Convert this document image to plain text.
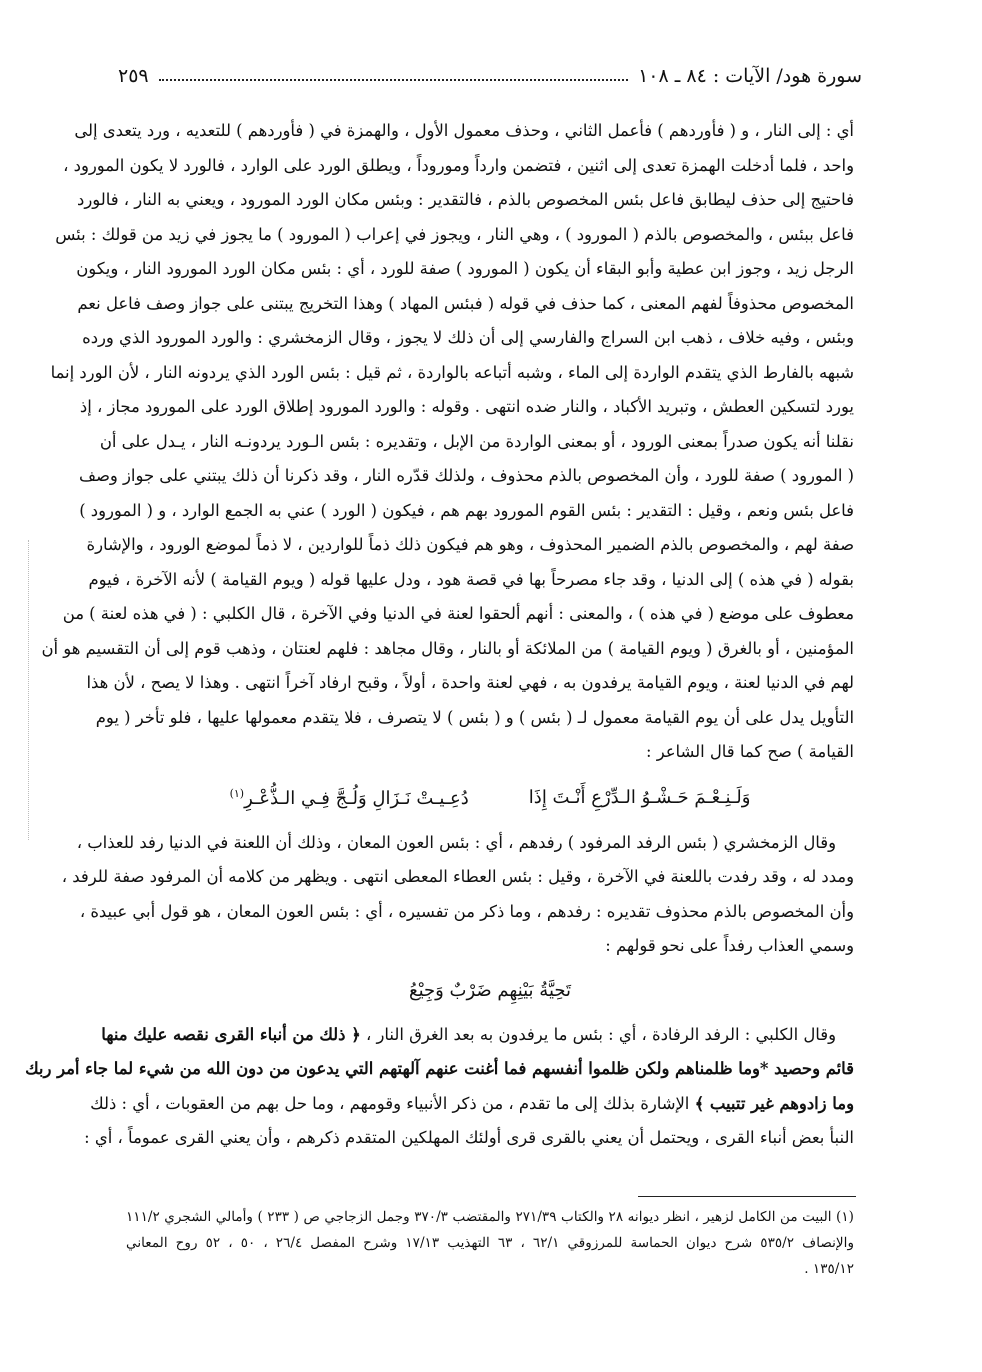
سورة هود/ الآيات : ٨٤ ـ ١٠٨
٢٥٩
أي : إلى النار ، و ( فأوردهم ) فأعمل الثاني ، وحذف معمول الأول ، والهمزة في ( فأوردهم ) للتعديه ، ورد يتعدى إلى
واحد ، فلما أدخلت الهمزة تعدى إلى اثنين ، فتضمن وارداً وموروداً ، ويطلق الورد على الوارد ، فالورد لا يكون المورود ،
فاحتيج إلى حذف ليطابق فاعل بئس المخصوص بالذم ، فالتقدير : وبئس مكان الورد المورود ، ويعني به النار ، فالورد
فاعل ببئس ، والمخصوص بالذم ( المورود ) ، وهي النار ، ويجوز في إعراب ( المورود ) ما يجوز في زيد من قولك : بئس
الرجل زيد ، وجوز ابن عطية وأبو البقاء أن يكون ( المورود ) صفة للورد ، أي : بئس مكان الورد المورود النار ، ويكون
المخصوص محذوفاً لفهم المعنى ، كما حذف في قوله ( فبئس المهاد ) وهذا التخريج يبتنى على جواز وصف فاعل نعم
وبئس ، وفيه خلاف ، ذهب ابن السراج والفارسي إلى أن ذلك لا يجوز ، وقال الزمخشري : والورد المورود الذي ورده
شبهه بالفارط الذي يتقدم الواردة إلى الماء ، وشبه أتباعه بالواردة ، ثم قيل : بئس الورد الذي يردونه النار ، لأن الورد إنما
يورد لتسكين العطش ، وتبريد الأكباد ، والنار ضده انتهى . وقوله : والورد المورود إطلاق الورد على المورود مجاز ، إذ
نقلنا أنه يكون صدراً بمعنى الورود ، أو بمعنى الواردة من الإبل ، وتقديره : بئس الـورد يردونـه النار ، يـدل على أن
( المورود ) صفة للورد ، وأن المخصوص بالذم محذوف ، ولذلك قدّره النار ، وقد ذكرنا أن ذلك يبتني على جواز وصف
فاعل بئس ونعم ، وقيل : التقدير : بئس القوم المورود بهم هم ، فيكون ( الورد ) عني به الجمع الوارد ، و ( المورود )
صفة لهم ، والمخصوص بالذم الضمير المحذوف ، وهو هم فيكون ذلك ذماً للواردين ، لا ذماً لموضع الورود ، والإشارة
بقوله ( في هذه ) إلى الدنيا ، وقد جاء مصرحاً بها في قصة هود ، ودل عليها قوله ( ويوم القيامة ) لأنه الآخرة ، فيوم
معطوف على موضع ( في هذه ) ، والمعنى : أنهم ألحقوا لعنة في الدنيا وفي الآخرة ، قال الكلبي : ( في هذه لعنة ) من
المؤمنين ، أو بالغرق ( ويوم القيامة ) من الملائكة أو بالنار ، وقال مجاهد : فلهم لعنتان ، وذهب قوم إلى أن التقسيم هو أن
لهم في الدنيا لعنة ، ويوم القيامة يرفدون به ، فهي لعنة واحدة ، أولاً ، وقبح ارفاد آخراً انتهى . وهذا لا يصح ، لأن هذا
التأويل يدل على أن يوم القيامة معمول لـ ( بئس ) و ( بئس ) لا يتصرف ، فلا يتقدم معمولها عليها ، فلو تأخر ( يوم
القيامة ) صح كما قال الشاعر :
وَلَـنِـعْـمَ حَـشْـوُ الـدِّرْعِ أَنْـتَ إِذَا
دُعِـيـتْ نَـزَالِ وَلُـجَّ فِـي الـذُّعْـرِ$^{(١)}$
وقال الزمخشري ( بئس الرفد المرفود ) رفدهم ، أي : بئس العون المعان ، وذلك أن اللعنة في الدنيا رفد للعذاب ،
ومدد له ، وقد رفدت باللعنة في الآخرة ، وقيل : بئس العطاء المعطى انتهى . ويظهر من كلامه أن المرفود صفة للرفد ،
وأن المخصوص بالذم محذوف تقديره : رفدهم ، وما ذكر من تفسيره ، أي : بئس العون المعان ، هو قول أبي عبيدة ،
وسمي العذاب رفداً على نحو قولهم :
تَحِيَّةُ بَيْنِهِم ضَرْبٌ وَجِيْعُ
وقال الكلبي : الرفد الرفادة ، أي : بئس ما يرفدون به بعد الغرق النار ، ﴿ ذلك من أنباء القرى نقصه عليك منها
قائم وحصيد *وما ظلمناهم ولكن ظلموا أنفسهم فما أغنت عنهم آلهتهم التي يدعون من دون الله من شيء لما جاء أمر ربك
وما زادوهم غير تتبيب ﴾ الإشارة بذلك إلى ما تقدم ، من ذكر الأنبياء وقومهم ، وما حل بهم من العقوبات ، أي : ذلك
النبأ بعض أنباء القرى ، ويحتمل أن يعني بالقرى قرى أولئك المهلكين المتقدم ذكرهم ، وأن يعني القرى عموماً ، أي :
(١) البيت من الكامل لزهير ، انظر ديوانه ٢٨ والكتاب ٢٧١/٣٩ والمقتضب ٣٧٠/٣ وجمل الزجاجي ص ( ٢٣٣ ) وأمالي الشجري ١١١/٢
والإنصاف ٥٣٥/٢ شرح ديوان الحماسة للمرزوقي ٦٢/١ ، ٦٣ التهذيب ١٧/١٣ وشرح المفصل ٢٦/٤ ، ٥٠ ، ٥٢ روح المعاني
١٣٥/١٢ .
